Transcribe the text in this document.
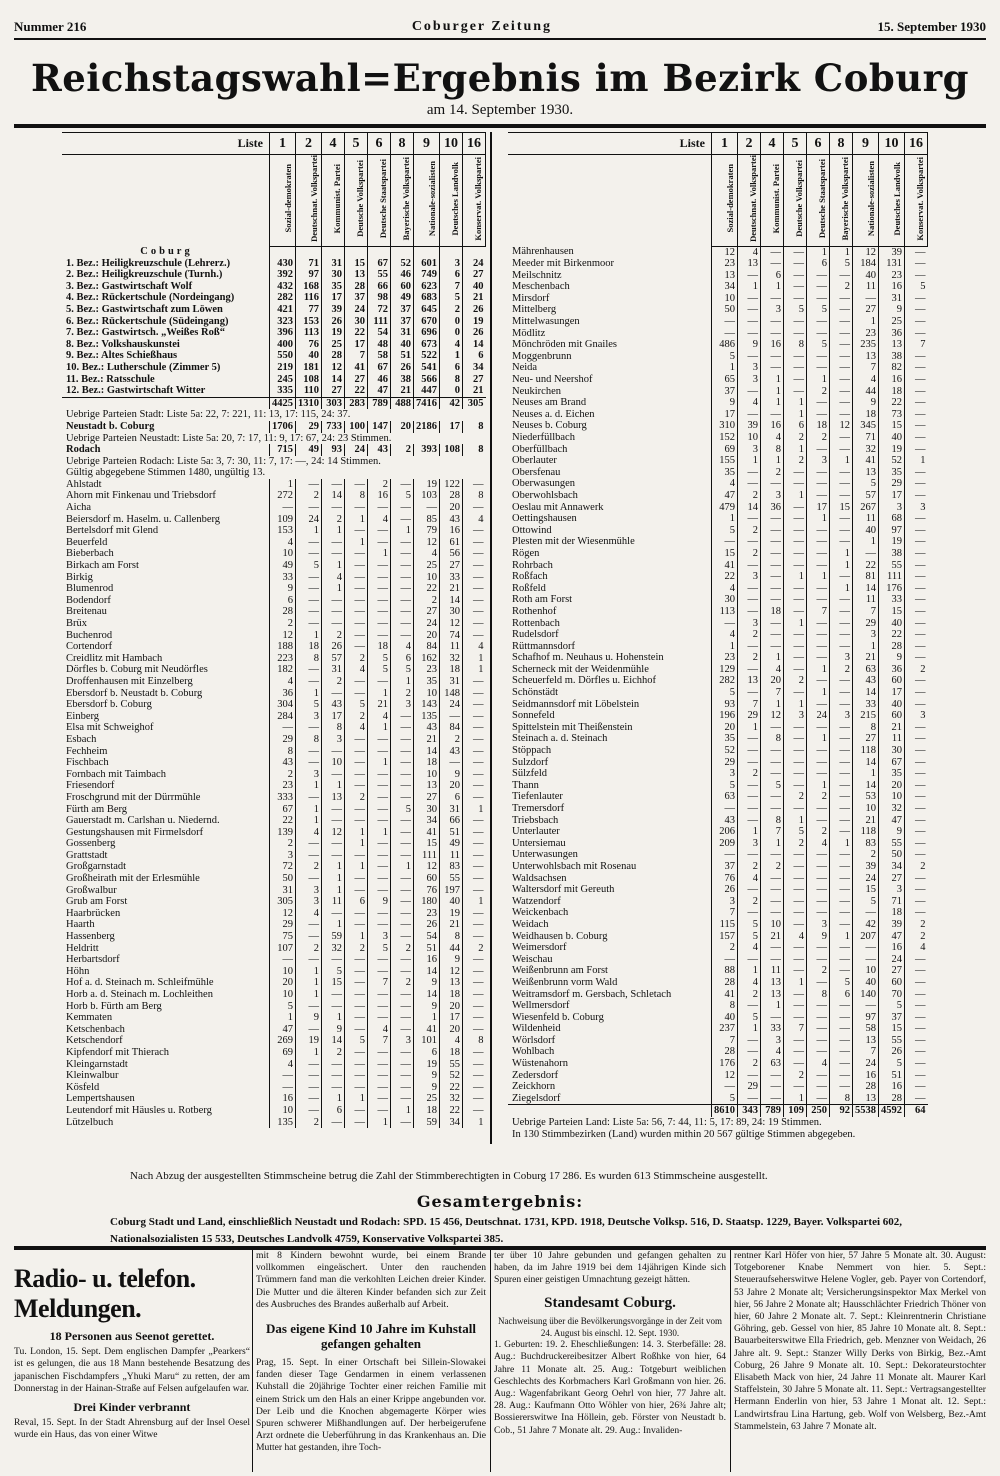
Nummer 216	Coburger Zeitung	15. September 1930
Reichstagswahl=Ergebnis im Bezirk Coburg
am 14. September 1930.
Liste	1	2	4	5	6	8	9	10	16
	Sozial-demokraten	Deutschnat. Volkspartei	Kommunist. Partei	Deutsche Volkspartei	Deutsche Staatspartei	Bayerische Volkspartei	Nationale-sozialisten	Deutsches Landvolk	Konservat. Volkspartei
Coburg									
1. Bez.: Heiligkreuzschule (Lehrerz.)	430	71	31	15	67	52	601	3	24
2. Bez.: Heiligkreuzschule (Turnh.)	392	97	30	13	55	46	749	6	27
3. Bez.: Gastwirtschaft Wolf	432	168	35	28	66	60	623	7	40
4. Bez.: Rückertschule (Nordeingang)	282	116	17	37	98	49	683	5	21
5. Bez.: Gastwirtschaft zum Löwen	421	77	39	24	72	37	645	2	26
6. Bez.: Rückertschule (Südeingang)	323	153	26	30	111	37	670	0	19
7. Bez.: Gastwirtsch. „Weißes Roß“	396	113	19	22	54	31	696	0	26
8. Bez.: Volkshauskunstei	400	76	25	17	48	40	673	4	14
9. Bez.: Altes Schießhaus	550	40	28	7	58	51	522	1	6
10. Bez.: Lutherschule (Zimmer 5)	219	181	12	41	67	26	541	6	34
11. Bez.: Ratsschule	245	108	14	27	46	38	566	8	27
12. Bez.: Gastwirtschaft Witter	335	110	27	22	47	21	447	0	21
	4425	1310	303	283	789	488	7416	42	305
Uebrige Parteien Stadt: Liste 5a: 22, 7: 221, 11: 13, 17: 115, 24: 37.									
Neustadt b. Coburg	1706	29	733	100	147	20	2186	17	8
Uebrige Parteien Neustadt: Liste 5a: 20, 7: 17, 11: 9, 17: 67, 24: 23 Stimmen.									
Rodach	715	49	93	24	43	2	393	108	8
Uebrige Parteien Rodach: Liste 5a: 3, 7: 30, 11: 7, 17: —, 24: 14 Stimmen.									
Gültig abgegebene Stimmen 1480, ungültig 13.									
Ahlstadt	1	—	—	—	2	—	19	122	—
Ahorn mit Finkenau und Triebsdorf	272	2	14	8	16	5	103	28	8
Aicha	—	—	—	—	—	—	—	20	—
Beiersdorf m. Haselm. u. Callenberg	109	24	2	1	4	—	85	43	4
Bertelsdorf mit Glend	153	1	1	—	—	1	79	16	—
Beuerfeld	4	—	—	1	—	—	12	61	—
Bieberbach	10	—	—	—	1	—	4	56	—
Birkach am Forst	49	5	1	—	—	—	25	27	—
Birkig	33	—	4	—	—	—	10	33	—
Blumenrod	9	—	1	—	—	—	22	21	—
Bodendorf	6	—	—	—	—	—	2	14	—
Breitenau	28	—	—	—	—	—	27	30	—
Brüx	2	—	—	—	—	—	24	12	—
Buchenrod	12	1	2	—	—	—	20	74	—
Cortendorf	188	18	26	—	18	4	84	11	4
Creidlitz mit Hambach	223	8	57	2	5	6	162	32	1
Dörfles b. Coburg mit Neudörfles	182	—	31	4	5	5	23	18	1
Droffenhausen mit Einzelberg	4	—	2	—	—	1	35	31	—
Ebersdorf b. Neustadt b. Coburg	36	1	—	—	1	2	10	148	—
Ebersdorf b. Coburg	304	5	43	5	21	3	143	24	—
Einberg	284	3	17	2	4	—	135	—	—
Elsa mit Schweighof	—	—	8	4	1	—	43	84	—
Esbach	29	8	3	—	—	—	21	2	—
Fechheim	8	—	—	—	—	—	14	43	—
Fischbach	43	—	10	—	1	—	18	—	—
Fornbach mit Taimbach	2	3	—	—	—	—	10	9	—
Friesendorf	23	1	1	—	—	—	13	20	—
Froschgrund mit der Dürrmühle	333	—	13	2	—	—	27	6	—
Fürth am Berg	67	1	—	—	—	5	30	31	1
Gauerstadt m. Carlshan u. Niedernd.	22	1	—	—	—	—	34	66	—
Gestungshausen mit Firmelsdorf	139	4	12	1	1	—	41	51	—
Gossenberg	2	—	—	1	—	—	15	49	—
Grattstadt	3	—	—	—	—	—	111	11	—
Großgarnstadt	72	2	1	1	—	1	12	83	—
Großheirath mit der Erlesmühle	50	—	1	—	—	—	60	55	—
Großwalbur	31	3	1	—	—	—	76	197	—
Grub am Forst	305	3	11	6	9	—	180	40	1
Haarbrücken	12	4	—	—	—	—	23	19	—
Haarth	29	—	1	—	—	—	26	21	—
Hassenberg	75	—	59	1	3	—	54	8	—
Heldritt	107	2	32	2	5	2	51	44	2
Herbartsdorf	—	—	—	—	—	—	16	9	—
Höhn	10	1	5	—	—	—	14	12	—
Hof a. d. Steinach m. Schleifmühle	20	1	15	—	7	2	9	13	—
Horb a. d. Steinach m. Lochleithen	10	1	—	—	—	—	14	18	—
Horb b. Fürth am Berg	5	—	—	—	—	—	9	20	—
Kemmaten	1	9	1	—	—	—	1	17	—
Ketschenbach	47	—	9	—	4	—	41	20	—
Ketschendorf	269	19	14	5	7	3	101	4	8
Kipfendorf mit Thierach	69	1	2	—	—	—	6	18	—
Kleingarnstadt	4	—	—	—	—	—	19	55	—
Kleinwalbur	—	—	—	—	—	—	9	52	—
Kösfeld	—	—	—	—	—	—	9	22	—
Lempertshausen	16	—	1	1	—	—	25	32	—
Leutendorf mit Häusles u. Rotberg	10	—	6	—	—	1	18	22	—
Lützelbuch	135	2	—	—	1	—	59	34	1
Liste	1	2	4	5	6	8	9	10	16
	Sozial-demokraten	Deutschnat. Volkspartei	Kommunist. Partei	Deutsche Volkspartei	Deutsche Staatspartei	Bayerische Volkspartei	Nationale-sozialisten	Deutsches Landvolk	Konservat. Volkspartei
Mährenhausen	12	4	—	—	1	1	12	39	—
Meeder mit Birkenmoor	23	13	—	—	6	5	184	131	—
Meilschnitz	13	—	6	—	—	—	40	23	—
Meschenbach	34	1	1	—	—	2	11	16	5
Mirsdorf	10	—	—	—	—	—	—	31	—
Mittelberg	50	—	3	5	5	—	27	9	—
Mittelwasungen	—	—	—	—	—	—	1	25	—
Mödlitz	—	—	—	—	—	—	23	36	—
Mönchröden mit Gnailes	486	9	16	8	5	—	235	13	7
Moggenbrunn	5	—	—	—	—	—	13	38	—
Neida	1	3	—	—	—	—	7	82	—
Neu- und Neershof	65	3	1	—	1	—	4	16	—
Neukirchen	37	—	1	—	2	—	44	18	—
Neuses am Brand	9	4	1	1	—	—	9	22	—
Neuses a. d. Eichen	17	—	—	1	—	—	18	73	—
Neuses b. Coburg	310	39	16	6	18	12	345	15	—
Niederfüllbach	152	10	4	2	2	—	71	40	—
Oberfüllbach	69	3	8	1	—	—	32	19	—
Oberlauter	155	1	1	2	3	1	41	52	1
Obersfenau	35	—	2	—	—	—	13	35	—
Oberwasungen	4	—	—	—	—	—	5	29	—
Oberwohlsbach	47	2	3	1	—	—	57	17	—
Oeslau mit Annawerk	479	14	36	—	17	15	267	3	3
Oettingshausen	1	—	—	—	1	—	11	68	—
Ottowind	5	2	—	—	—	—	40	97	—
Plesten mit der Wiesenmühle	—	—	—	—	—	—	1	19	—
Rögen	15	2	—	—	—	1	—	38	—
Rohrbach	41	—	—	—	—	1	22	55	—
Roßfach	22	3	—	1	1	—	81	111	—
Roßfeld	4	—	—	—	—	1	14	176	—
Roth am Forst	30	—	—	—	—	—	11	33	—
Rothenhof	113	—	18	—	7	—	7	15	—
Rottenbach	—	3	—	1	—	—	29	40	—
Rudelsdorf	4	2	—	—	—	—	3	22	—
Rüttmannsdorf	1	—	—	—	—	—	1	28	—
Schafhof m. Neuhaus u. Hohenstein	23	2	1	—	—	3	21	9	—
Scherneck mit der Weidenmühle	129	—	4	—	1	2	63	36	2
Scheuerfeld m. Dörfles u. Eichhof	282	13	20	2	—	—	43	60	—
Schönstädt	5	—	7	—	1	—	14	17	—
Seidmannsdorf mit Löbelstein	93	7	1	1	—	—	33	40	—
Sonnefeld	196	29	12	3	24	3	215	60	3
Spittelstein mit Theißenstein	20	1	—	—	—	—	8	21	—
Steinach a. d. Steinach	35	—	8	—	1	—	27	11	—
Stöppach	52	—	—	—	—	—	118	30	—
Sulzdorf	29	—	—	—	—	—	14	67	—
Sülzfeld	3	2	—	—	—	—	1	35	—
Thann	5	—	5	—	1	—	14	20	—
Tiefenlauter	63	—	—	2	2	—	53	10	—
Tremersdorf	—	—	—	—	—	—	10	32	—
Triebsbach	43	—	8	1	—	—	21	47	—
Unterlauter	206	1	7	5	2	—	118	9	—
Untersiemau	209	3	1	2	4	1	83	55	—
Unterwasungen	—	—	—	—	—	—	2	50	—
Unterwohlsbach mit Rosenau	37	2	2	—	—	—	39	34	2
Waldsachsen	76	4	—	—	—	—	24	27	—
Waltersdorf mit Gereuth	26	—	—	—	—	—	15	3	—
Watzendorf	3	2	—	—	—	—	5	71	—
Weickenbach	7	—	—	—	—	—	—	18	—
Weidach	115	5	10	—	3	—	42	39	2
Weidhausen b. Coburg	157	5	21	4	9	1	207	47	2
Weimersdorf	2	4	—	—	—	—	—	16	4
Weischau	—	—	—	—	—	—	—	24	—
Weißenbrunn am Forst	88	1	11	—	2	—	10	27	—
Weißenbrunn vorm Wald	28	4	13	1	—	5	40	60	—
Weitramsdorf m. Gersbach, Schletach	41	2	13	—	8	6	140	70	—
Wellmersdorf	8	—	1	—	—	—	—	5	—
Wiesenfeld b. Coburg	40	5	—	—	—	—	97	37	—
Wildenheid	237	1	33	7	—	—	58	15	—
Wörlsdorf	7	—	3	—	—	—	13	55	—
Wohlbach	28	—	4	—	—	—	7	26	—
Wüstenahorn	176	2	63	—	4	—	24	5	—
Zedersdorf	12	—	—	2	—	—	16	51	—
Zeickhorn	—	29	—	—	—	—	28	16	—
Ziegelsdorf	5	—	—	1	—	8	13	28	—
	8610	343	789	109	250	92	5538	4592	64
Uebrige Parteien Land: Liste 5a: 56, 7: 44, 11: 5, 17: 89, 24: 19 Stimmen.									
In 130 Stimmbezirken (Land) wurden mithin 20 567 gültige Stimmen abgegeben.									
Nach Abzug der ausgestellten Stimmscheine betrug die Zahl der Stimmberechtigten in Coburg 17 286. Es wurden 613 Stimmscheine ausgestellt.
Gesamtergebnis:
Coburg Stadt und Land, einschließlich Neustadt und Rodach: SPD. 15 456, Deutschnat. 1731, KPD. 1918, Deutsche Volksp. 516, D. Staatsp. 1229, Bayer. Volkspartei 602, Nationalsozialisten 15 533, Deutsches Landvolk 4759, Konservative Volkspartei 385.
Radio- u. telefon. Meldungen.
18 Personen aus Seenot gerettet.

Tu. London, 15. Sept. Dem englischen Dampfer „Pearkers“ ist es gelungen, die aus 18 Mann bestehende Besatzung des japanischen Fischdampfers „Yhuki Maru“ zu retten, der am Donnerstag in der Hainan-Straße auf Felsen aufgelaufen war.

Drei Kinder verbrannt

Reval, 15. Sept. In der Stadt Ahrensburg auf der Insel Oesel wurde ein Haus, das von einer Witwe

mit 8 Kindern bewohnt wurde, bei einem Brande vollkommen eingeäschert. Unter den rauchenden Trümmern fand man die verkohlten Leichen dreier Kinder. Die Mutter und die älteren Kinder befanden sich zur Zeit des Ausbruches des Brandes außerhalb auf Arbeit.

Das eigene Kind 10 Jahre im Kuhstall gefangen gehalten

Prag, 15. Sept. In einer Ortschaft bei Sillein-Slowakei fanden dieser Tage Gendarmen in einem verlassenen Kuhstall die 20jährige Tochter einer reichen Familie mit einem Strick um den Hals an einer Krippe angebunden vor. Der Leib und die Knochen abgemagerte Körper wies Spuren schwerer Mißhandlungen auf. Der herbeigerufene Arzt ordnete die Ueberführung in das Krankenhaus an. Die Mutter hat gestanden, ihre Toch-

ter über 10 Jahre gebunden und gefangen gehalten zu haben, da im Jahre 1919 bei dem 14jährigen Kinde sich Spuren einer geistigen Umnachtung gezeigt hätten.

Standesamt Coburg.

Nachweisung über die Bevölkerungsvorgänge in der Zeit vom 24. August bis einschl. 12. Sept. 1930.

1. Geburten: 19. 2. Eheschließungen: 14. 3. Sterbefälle: 28. Aug.: Buchdruckereibesitzer Albert Roßhke von hier, 64 Jahre 11 Monate alt. 25. Aug.: Totgeburt weiblichen Geschlechts des Korbmachers Karl Großmann von hier. 26. Aug.: Wagenfabrikant Georg Oehrl von hier, 77 Jahre alt. 28. Aug.: Kaufmann Otto Wöhler von hier, 26¾ Jahre alt; Bossiererswitwe Ina Höllein, geb. Förster von Neustadt b. Cob., 51 Jahre 7 Monate alt. 29. Aug.: Invaliden-

rentner Karl Höfer von hier, 57 Jahre 5 Monate alt. 30. August: Totgeborener Knabe Nemmert von hier. 5. Sept.: Steueraufseherswitwe Helene Vogler, geb. Payer von Cortendorf, 53 Jahre 2 Monate alt; Versicherungsinspektor Max Merkel von hier, 56 Jahre 2 Monate alt; Hausschlächter Friedrich Thöner von hier, 60 Jahre 2 Monate alt. 7. Sept.: Kleinrentnerin Christiane Göhring, geb. Gessel von hier, 85 Jahre 10 Monate alt. 8. Sept.: Bauarbeiterswitwe Ella Friedrich, geb. Menzner von Weidach, 26 Jahre alt. 9. Sept.: Stanzer Willy Derks von Birkig, Bez.-Amt Coburg, 26 Jahre 9 Monate alt. 10. Sept.: Dekorateurstochter Elisabeth Mack von hier, 24 Jahre 11 Monate alt. Maurer Karl Staffelstein, 30 Jahre 5 Monate alt. 11. Sept.: Vertragsangestellter Hermann Enderlin von hier, 53 Jahre 1 Monat alt. 12. Sept.: Landwirtsfrau Lina Hartung, geb. Wolf von Welsberg, Bez.-Amt Stammelstein, 63 Jahre 7 Monate alt.
